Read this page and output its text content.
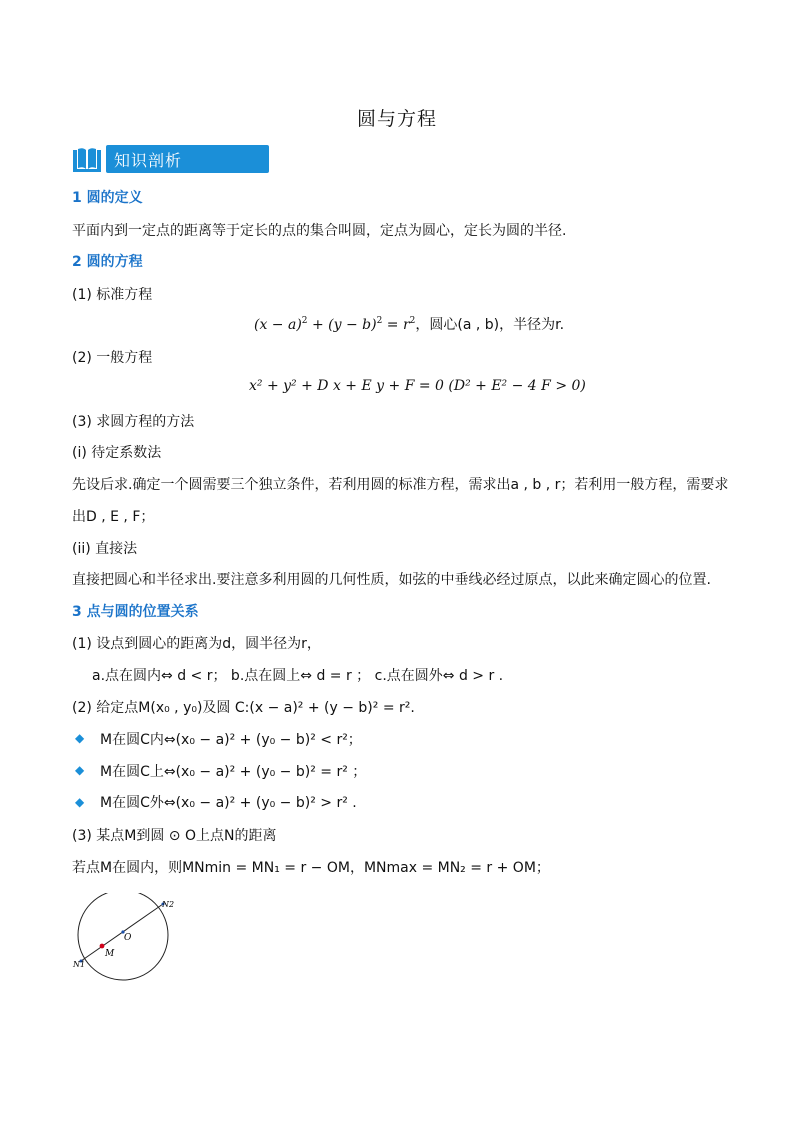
圆与方程
知识剖析
1 圆的定义
平面内到一定点的距离等于定长的点的集合叫圆，定点为圆心，定长为圆的半径.
2 圆的方程
(1) 标准方程
$(x - a)^2 + (y - b)^2 = r^2$，圆心(a , b)，半径为r.
(2) 一般方程
x² + y² + D x + E y + F = 0 (D² + E² − 4 F > 0)
(3) 求圆方程的方法
(i) 待定系数法
先设后求.确定一个圆需要三个独立条件，若利用圆的标准方程，需求出a , b , r；若利用一般方程，需要求
出D , E , F；
(ii) 直接法
直接把圆心和半径求出.要注意多利用圆的几何性质，如弦的中垂线必经过原点，以此来确定圆心的位置.
3 点与圆的位置关系
(1) 设点到圆心的距离为d，圆半径为r，
a.点在圆内⇔ d < r； b.点在圆上⇔ d = r ； c.点在圆外⇔ d > r .
(2) 给定点M(x₀ , y₀)及圆 C:(x − a)² + (y − b)² = r².
◆ M在圆C内⇔(x₀ − a)² + (y₀ − b)² < r²；
◆ M在圆C上⇔(x₀ − a)² + (y₀ − b)² = r² ；
◆ M在圆C外⇔(x₀ − a)² + (y₀ − b)² > r² .
(3) 某点M到圆 ⊙ O上点N的距离
若点M在圆内，则MNmin = MN₁ = r − OM，MNmax = MN₂ = r + OM；
N2
N1
O
M
